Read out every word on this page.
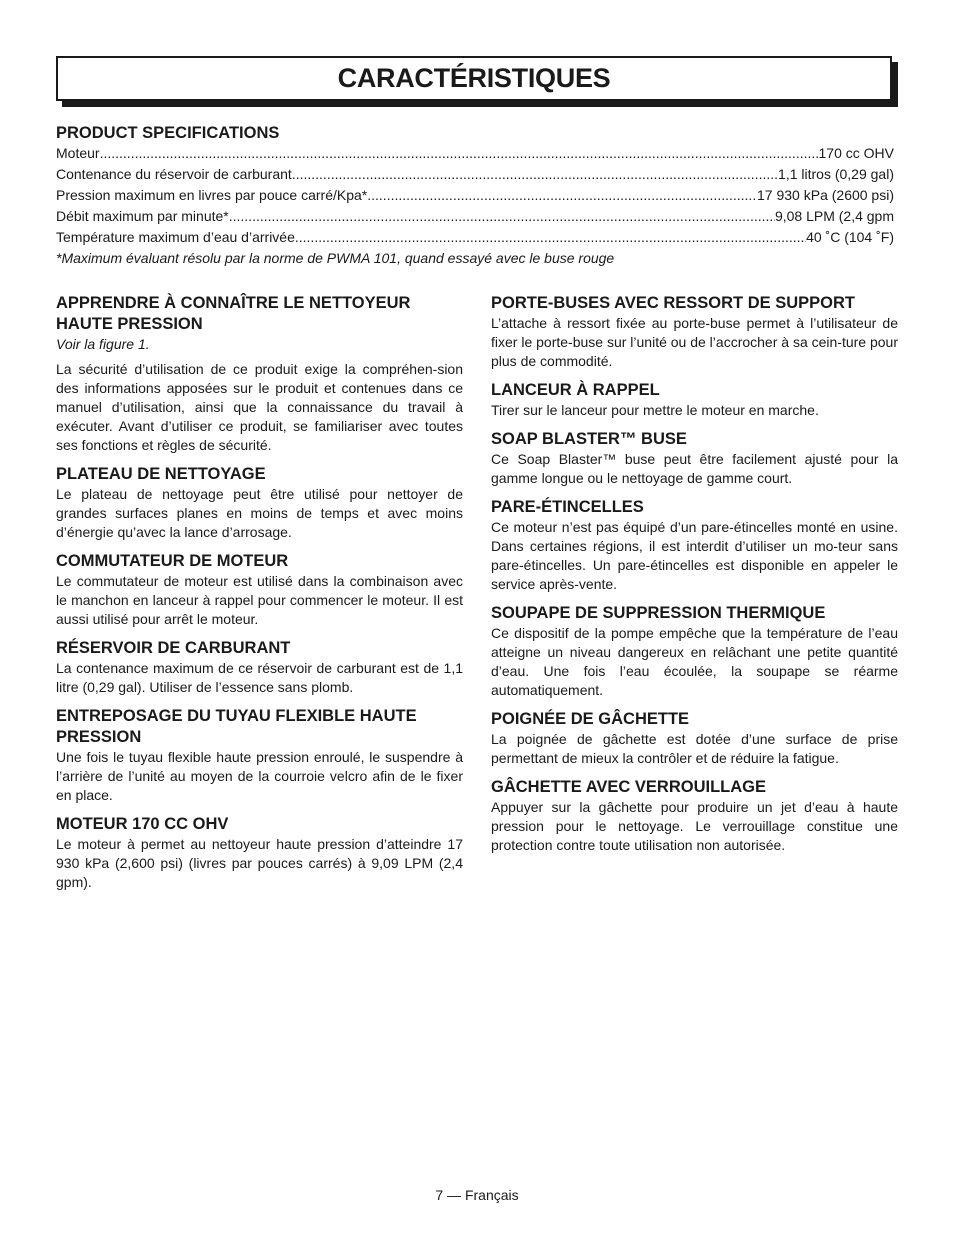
CARACTÉRISTIQUES
PRODUCT SPECIFICATIONS
Moteur .....	170 cc OHV
Contenance du réservoir de carburant .....	1,1 litros (0,29 gal)
Pression maximum en livres par pouce carré/Kpa* .....	17 930 kPa (2600 psi)
Débit maximum par minute* .....	9,08 LPM (2,4 gpm
Température maximum d’eau d’arrivée .....	40 ˚C (104 ˚F)
*Maximum évaluant résolu par la norme de PWMA 101, quand essayé avec le buse rouge
APPRENDRE À CONNAÎTRE LE NETTOYEUR HAUTE PRESSION

Voir la figure 1.

La sécurité d’utilisation de ce produit exige la compréhen-sion des informations apposées sur le produit et contenues dans ce manuel d’utilisation, ainsi que la connaissance du travail à exécuter. Avant d’utiliser ce produit, se familiariser avec toutes ses fonctions et règles de sécurité.

PLATEAU DE NETTOYAGE

Le plateau de nettoyage peut être utilisé pour nettoyer de grandes surfaces planes en moins de temps et avec moins d’énergie qu’avec la lance d’arrosage.

COMMUTATEUR DE MOTEUR

Le commutateur de moteur est utilisé dans la combinaison avec le manchon en lanceur à rappel pour commencer le moteur. Il est aussi utilisé pour arrêt le moteur.

RÉSERVOIR DE CARBURANT

La contenance maximum de ce réservoir de carburant est de 1,1 litre (0,29 gal). Utiliser de l’essence sans plomb.

ENTREPOSAGE DU TUYAU FLEXIBLE HAUTE PRESSION

Une fois le tuyau flexible haute pression enroulé, le suspendre à l’arrière de l’unité au moyen de la courroie velcro afin de le fixer en place.

MOTEUR 170 CC OHV

Le moteur à permet au nettoyeur haute pression d’atteindre 17 930 kPa (2,600 psi) (livres par pouces carrés) à 9,09 LPM (2,4 gpm).

PORTE-BUSES AVEC RESSORT DE SUPPORT

L’attache à ressort fixée au porte-buse permet à l’utilisateur de fixer le porte-buse sur l’unité ou de l’accrocher à sa cein-ture pour plus de commodité.

LANCEUR À RAPPEL

Tirer sur le lanceur pour mettre le moteur en marche.

SOAP BLASTER™ BUSE

Ce Soap Blaster™ buse peut être facilement ajusté pour la gamme longue ou le nettoyage de gamme court.

PARE-ÉTINCELLES

Ce moteur n’est pas équipé d’un pare-étincelles monté en usine. Dans certaines régions, il est interdit d’utiliser un mo-teur sans pare-étincelles. Un pare-étincelles est disponible en appeler le service après-vente.

SOUPAPE DE SUPPRESSION THERMIQUE

Ce dispositif de la pompe empêche que la température de l’eau atteigne un niveau dangereux en relâchant une petite quantité d’eau. Une fois l’eau écoulée, la soupape se réarme automatiquement.

POIGNÉE DE GÂCHETTE

La poignée de gâchette est dotée d’une surface de prise permettant de mieux la contrôler et de réduire la fatigue.

GÂCHETTE AVEC VERROUILLAGE

Appuyer sur la gâchette pour produire un jet d’eau à haute pression pour le nettoyage. Le verrouillage constitue une protection contre toute utilisation non autorisée.

7 — Français
